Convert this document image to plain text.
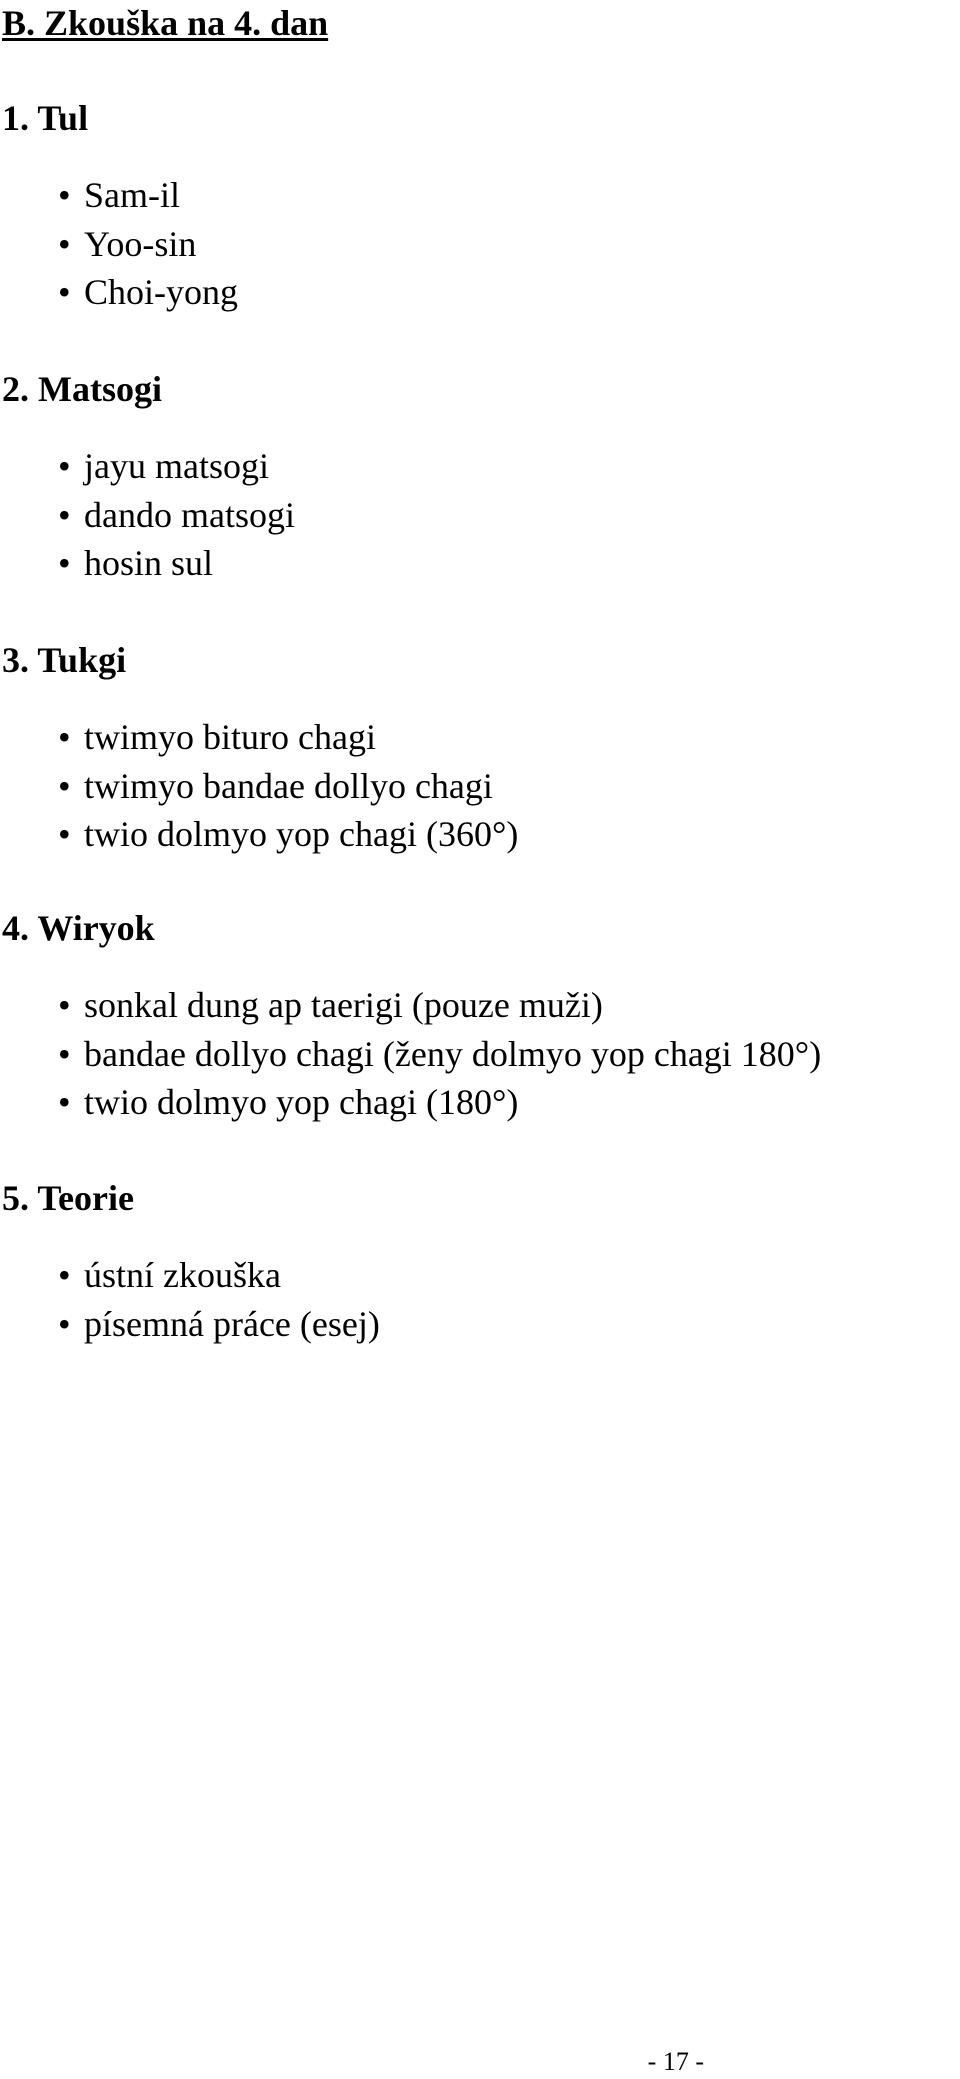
B. Zkouška na 4. dan
1. Tul
• Sam-il
• Yoo-sin
• Choi-yong
2. Matsogi
• jayu matsogi
• dando matsogi
• hosin sul
3. Tukgi
• twimyo bituro chagi
• twimyo bandae dollyo chagi
• twio dolmyo yop chagi (360°)
4. Wiryok
• sonkal dung ap taerigi (pouze muži)
• bandae dollyo chagi (ženy dolmyo yop chagi 180°)
• twio dolmyo yop chagi (180°)
5. Teorie
• ústní zkouška
• písemná práce (esej)
- 17 -
